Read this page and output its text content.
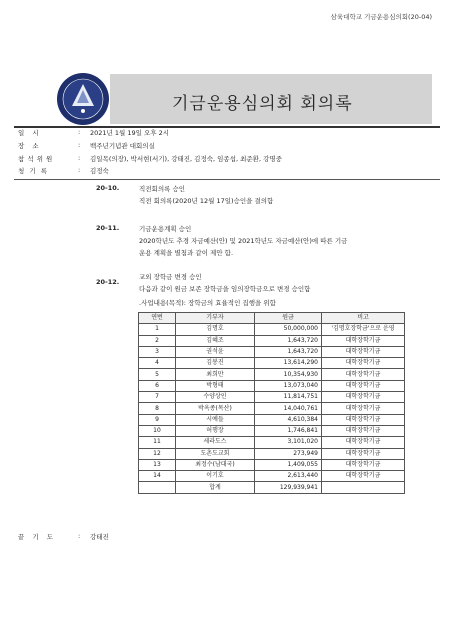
삼육대학교 기금운용심의회(20-04)
기금운용심의회 회의록
일 시	:	2021년 1월 19일 오후 2시
장 소	:	백주년기념관 대회의실
참 석 위 원	:	김일목(의장), 박서현(서기), 강태진, 김정숙, 임종섭, 최준환, 강명중
청 기 록	:	김정숙
20-10.	직전회의록 승인
직전 회의록(2020년 12월 17일)승인을 결의함
20-11.	기금운용계획 승인
2020학년도 추경 자금예산(안) 및 2021학년도 자금예산(안)에 따른 기금
운용 계획을 별첨과 같이 제안 함.
교외 장학금 변경 승인
20-12.
다음과 같이 원금 보존 장학금을 임의장학금으로 변경 승인함
.사업내용(목적): 장학금의 효율적인 집행을 위함
연번	기부자	원금	비고
1	김명호	50,000,000	'김명호장학금'으로 운영
2	김혜조	1,643,720	대학장학기금
3	권석윤	1,643,720	대학장학기금
4	김봉진	13,614,290	대학장학기금
5	최희만	10,354,930	대학장학기금
6	박형태	13,073,040	대학장학기금
7	수양상인	11,814,751	대학장학기금
8	박옥종(목산)	14,040,761	대학장학기금
9	시예들	4,610,384	대학장학기금
10	허행장	1,746,841	대학장학기금
11	세라도스	3,101,020	대학장학기금
12	도촌도교회	273,949	대학장학기금
13	최정수(남대국)	1,409,055	대학장학기금
14	이기호	2,613,440	대학장학기금
	합계	129,939,941	
끝 기 도	:	강태진
